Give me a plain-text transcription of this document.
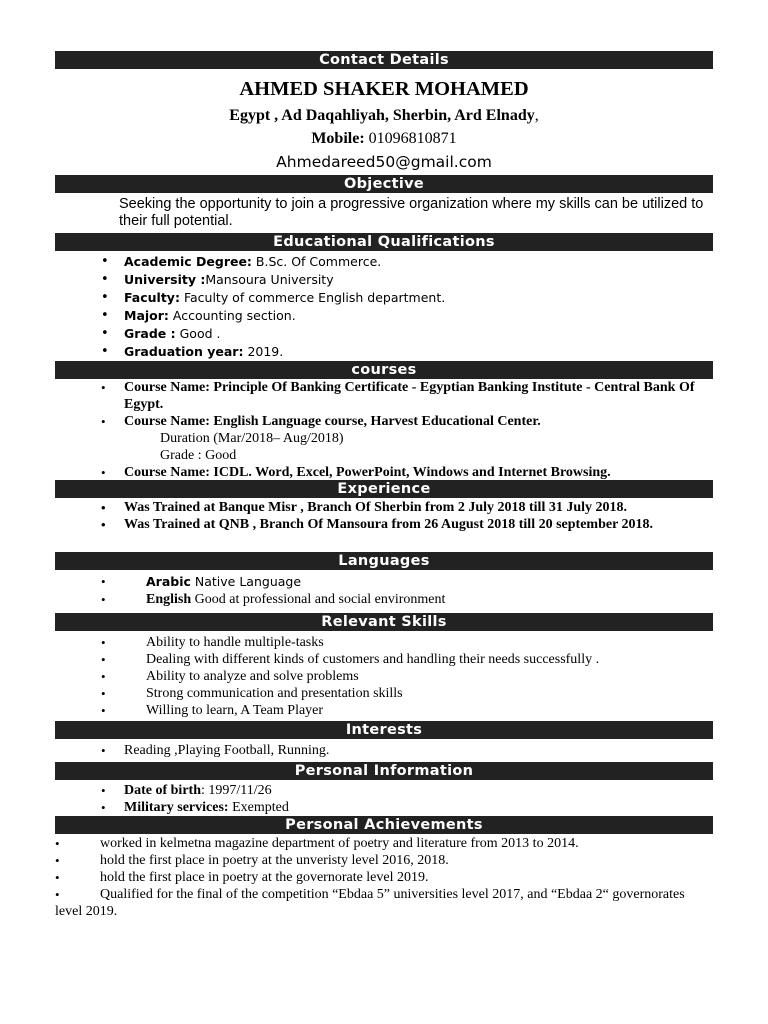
Contact Details
AHMED SHAKER MOHAMED
Egypt , Ad Daqahliyah, Sherbin, Ard Elnady,
Mobile: 01096810871
Ahmedareed50@gmail.com
Objective
Seeking the opportunity to join a progressive organization where my skills can be utilized to their full potential.
Educational Qualifications
• Academic Degree: B.Sc. Of Commerce.
• University :Mansoura University
• Faculty: Faculty of commerce English department.
• Major: Accounting section.
• Grade : Good .
• Graduation year: 2019.
courses
• Course Name: Principle Of Banking Certificate - Egyptian Banking Institute - Central Bank Of Egypt.
• Course Name: English Language course, Harvest Educational Center.
Duration (Mar/2018– Aug/2018)
Grade : Good
• Course Name: ICDL. Word, Excel, PowerPoint, Windows and Internet Browsing.
Experience
• Was Trained at Banque Misr , Branch Of Sherbin from 2 July 2018 till 31 July 2018.
• Was Trained at QNB , Branch Of Mansoura from 26 August 2018 till 20 september 2018.
Languages
•	Arabic Native Language
•	English Good at professional and social environment
Relevant Skills
•	Ability to handle multiple-tasks
•	Dealing with different kinds of customers and handling their needs successfully .
•	Ability to analyze and solve problems
•	Strong communication and presentation skills
•	Willing to learn, A Team Player
Interests
• Reading ,Playing Football, Running.
Personal Information
• Date of birth: 1997/11/26
• Military services: Exempted
Personal Achievements
•	worked in kelmetna magazine department of poetry and literature from 2013 to 2014.
•	hold the first place in poetry at the unveristy level 2016, 2018.
•	hold the first place in poetry at the governorate level 2019.
•	Qualified for the final of the competition “Ebdaa 5” universities level 2017, and “Ebdaa 2“ governorates level 2019.
